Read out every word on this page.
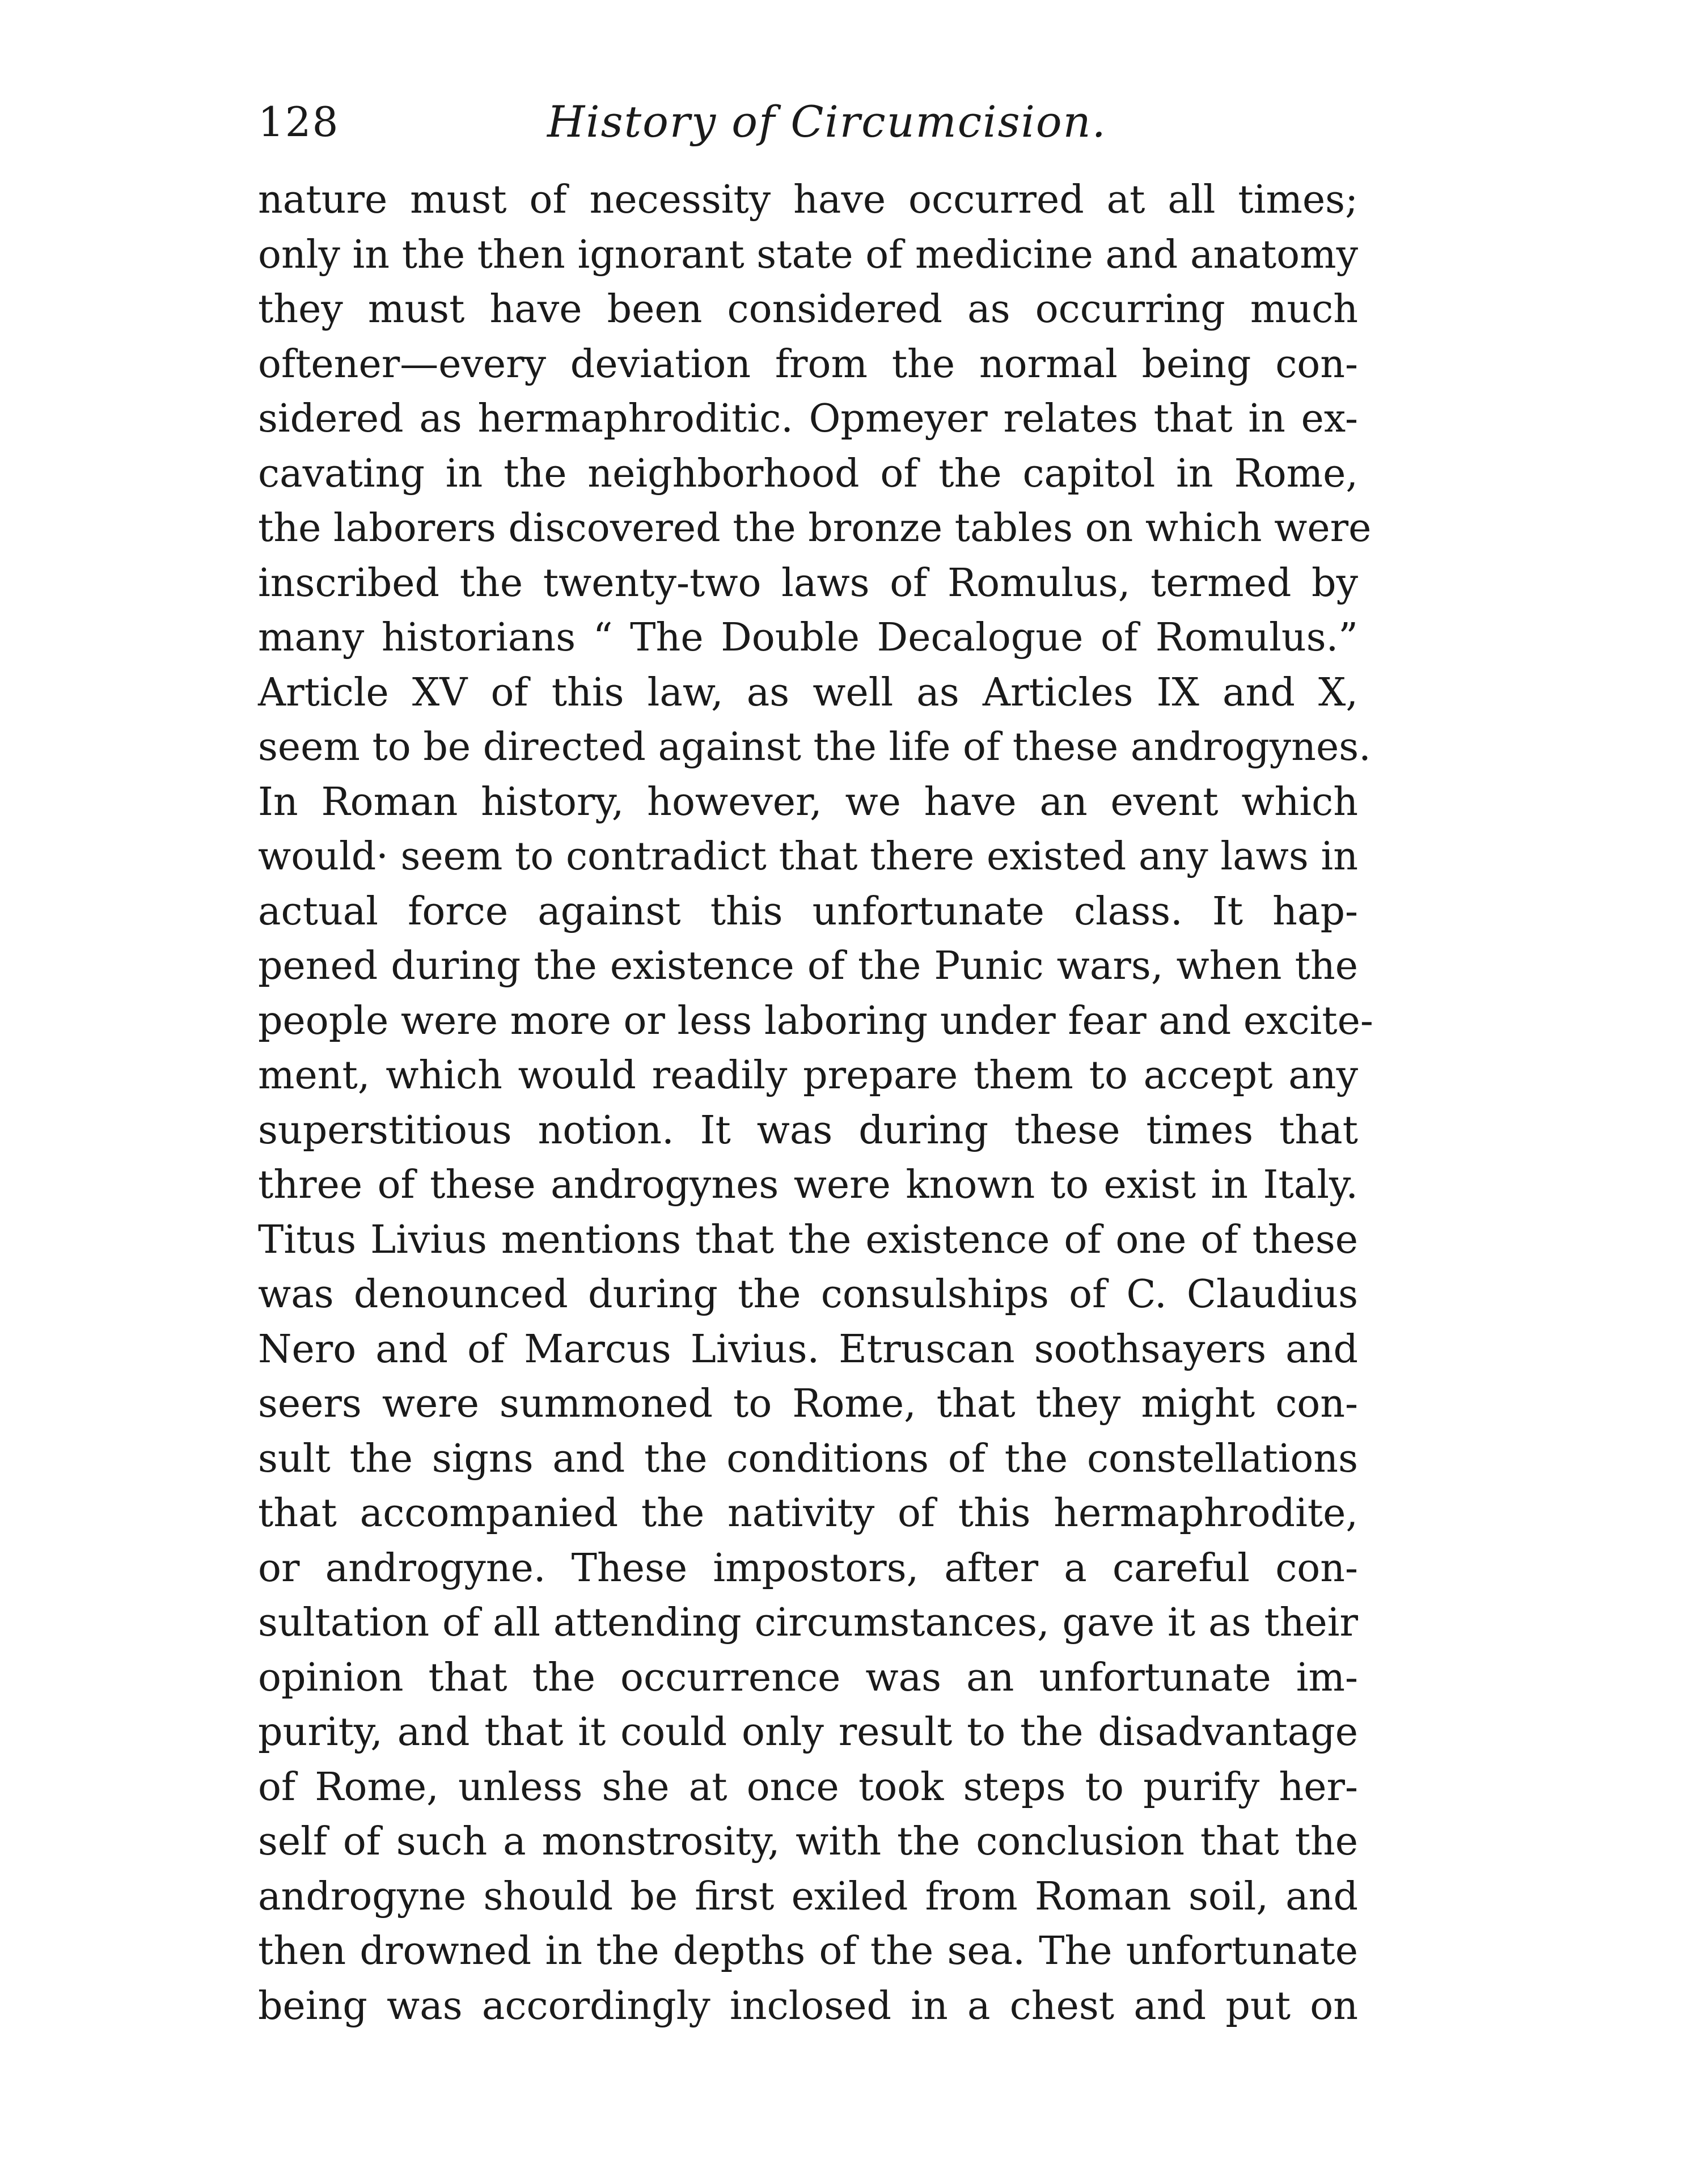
128	History of Circumcision.
nature must of necessity have occurred at all times;
only in the then ignorant state of medicine and anatomy
they must have been considered as occurring much
oftener—every deviation from the normal being con-
sidered as hermaphroditic. Opmeyer relates that in ex-
cavating in the neighborhood of the capitol in Rome,
the laborers discovered the bronze tables on which were
inscribed the twenty-two laws of Romulus, termed by
many historians “ The Double Decalogue of Romulus.”
Article XV of this law, as well as Articles IX and X,
seem to be directed against the life of these androgynes.
In Roman history, however, we have an event which
would· seem to contradict that there existed any laws in
actual force against this unfortunate class. It hap-
pened during the existence of the Punic wars, when the
people were more or less laboring under fear and excite-
ment, which would readily prepare them to accept any
superstitious notion. It was during these times that
three of these androgynes were known to exist in Italy.
Titus Livius mentions that the existence of one of these
was denounced during the consulships of C. Claudius
Nero and of Marcus Livius. Etruscan soothsayers and
seers were summoned to Rome, that they might con-
sult the signs and the conditions of the constellations
that accompanied the nativity of this hermaphrodite,
or androgyne. These impostors, after a careful con-
sultation of all attending circumstances, gave it as their
opinion that the occurrence was an unfortunate im-
purity, and that it could only result to the disadvantage
of Rome, unless she at once took steps to purify her-
self of such a monstrosity, with the conclusion that the
androgyne should be first exiled from Roman soil, and
then drowned in the depths of the sea. The unfortunate
being was accordingly inclosed in a chest and put on
